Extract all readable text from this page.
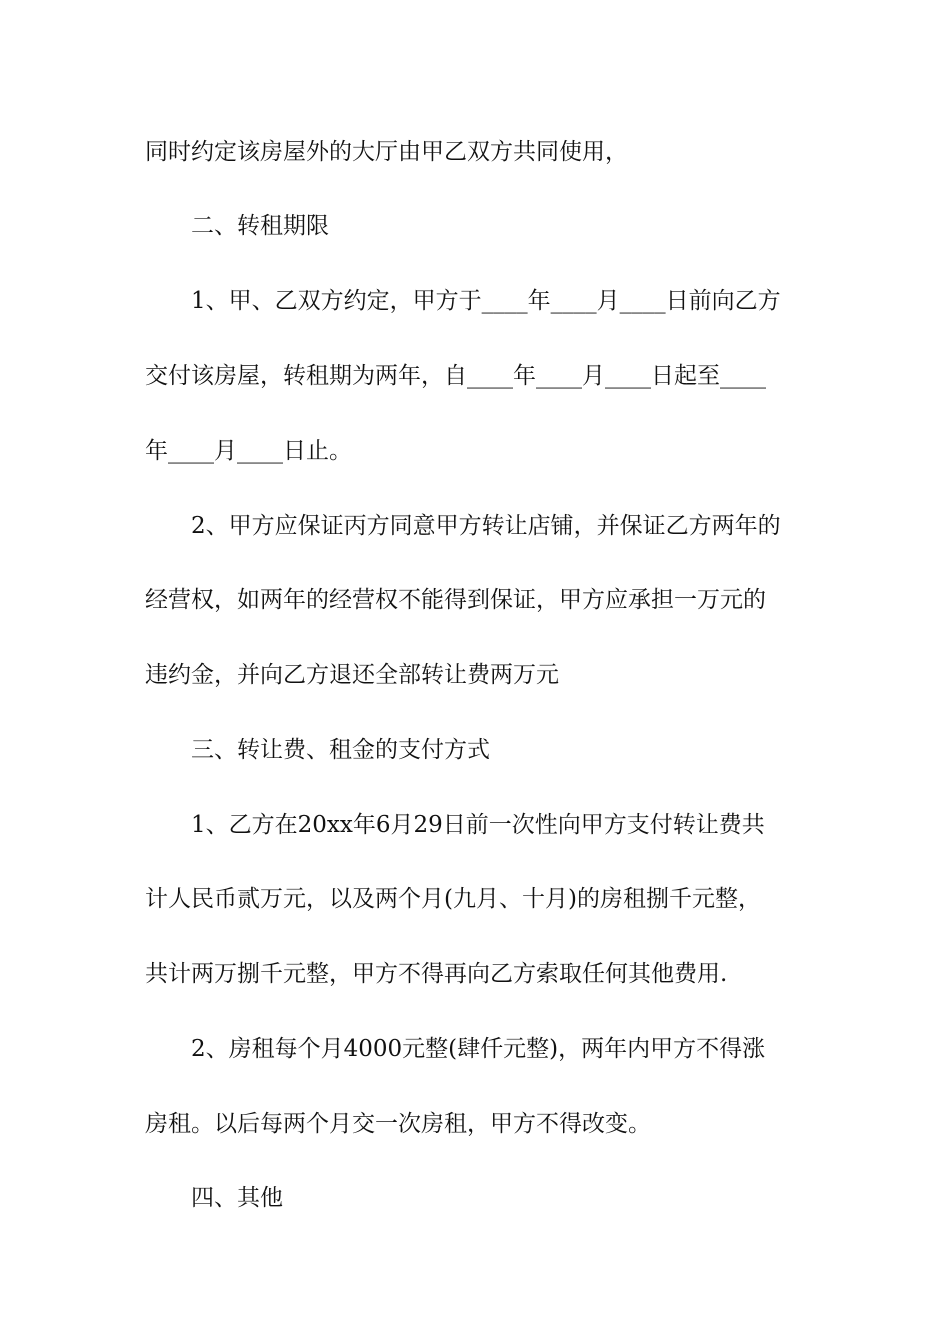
同时约定该房屋外的大厅由甲乙双方共同使用，

二、转租期限

1、甲、乙双方约定，甲方于____年____月____日前向乙方

交付该房屋，转租期为两年，自____年____月____日起至____

年____月____日止。

2、甲方应保证丙方同意甲方转让店铺，并保证乙方两年的

经营权，如两年的经营权不能得到保证，甲方应承担一万元的

违约金，并向乙方退还全部转让费两万元

三、转让费、租金的支付方式

1、乙方在20xx年6月29日前一次性向甲方支付转让费共

计人民币贰万元，以及两个月(九月、十月)的房租捌千元整，

共计两万捌千元整，甲方不得再向乙方索取任何其他费用.

2、房租每个月4000元整(肆仟元整)，两年内甲方不得涨

房租。以后每两个月交一次房租，甲方不得改变。

四、其他
